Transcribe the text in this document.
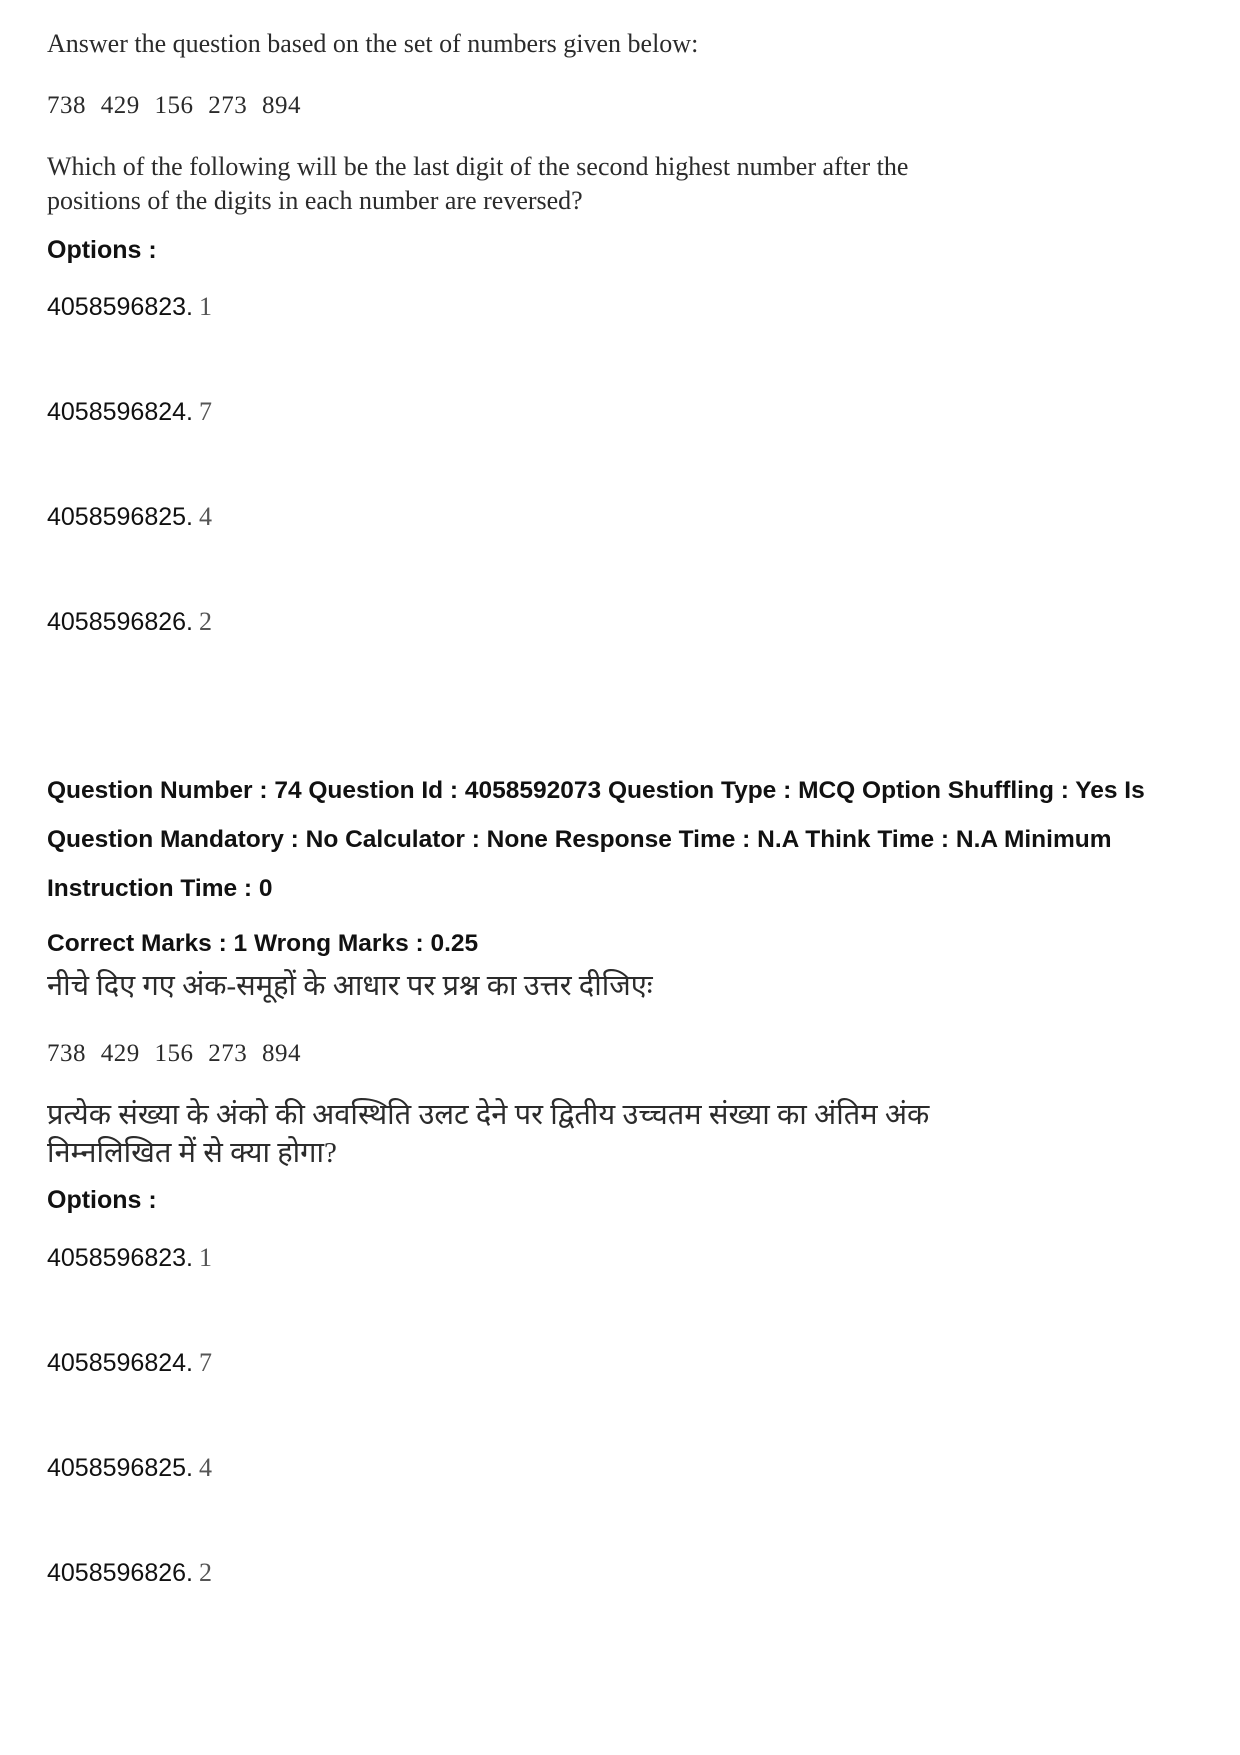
Answer the question based on the set of numbers given below:
738 429 156 273 894
Which of the following will be the last digit of the second highest number after the
positions of the digits in each number are reversed?
Options :
4058596823. 1
4058596824. 7
4058596825. 4
4058596826. 2
Question Number : 74 Question Id : 4058592073 Question Type : MCQ Option Shuffling : Yes Is
Question Mandatory : No Calculator : None Response Time : N.A Think Time : N.A Minimum
Instruction Time : 0
Correct Marks : 1 Wrong Marks : 0.25
नीचे दिए गए अंक-समूहों के आधार पर प्रश्न का उत्तर दीजिएः
738 429 156 273 894
प्रत्येक संख्या के अंको की अवस्थिति उलट देने पर द्वितीय उच्चतम संख्या का अंतिम अंक
निम्नलिखित में से क्या होगा?
Options :
4058596823. 1
4058596824. 7
4058596825. 4
4058596826. 2
